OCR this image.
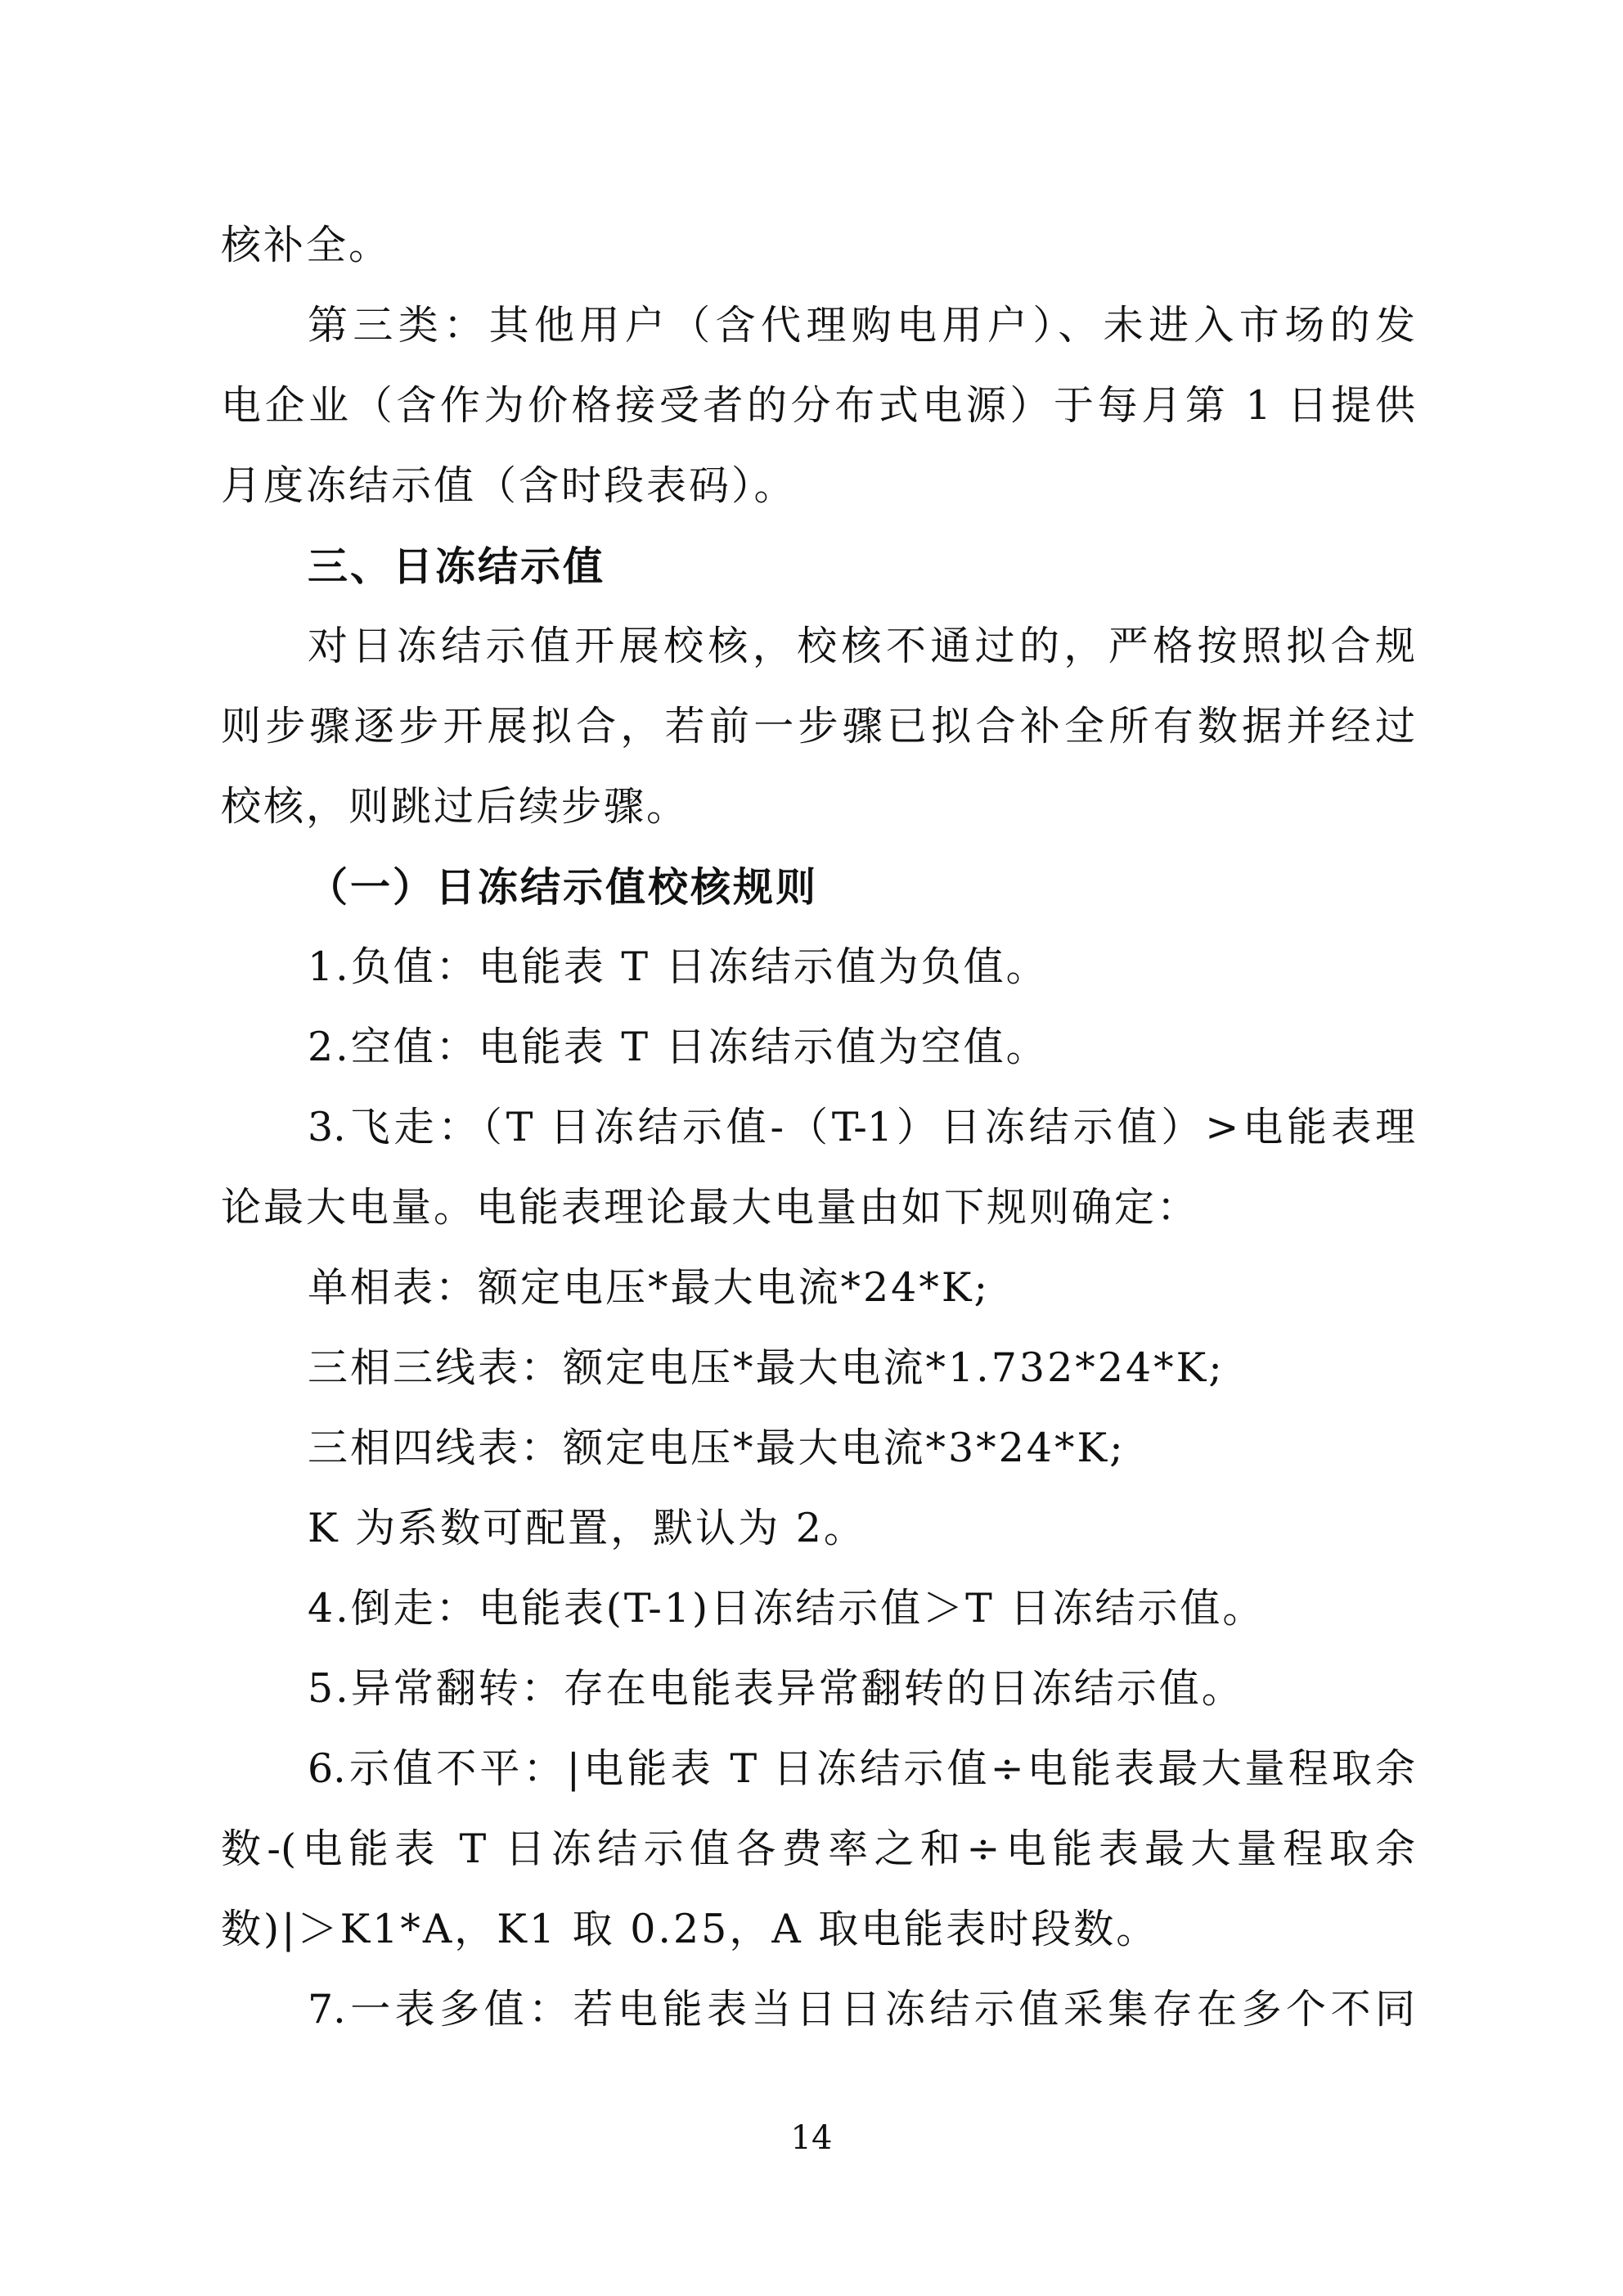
核补全。
第三类：其他用户（含代理购电用户）、未进入市场的发
电企业（含作为价格接受者的分布式电源）于每月第 1 日提供
月度冻结示值（含时段表码）。
三、日冻结示值
对日冻结示值开展校核，校核不通过的，严格按照拟合规
则步骤逐步开展拟合，若前一步骤已拟合补全所有数据并经过
校核，则跳过后续步骤。
（一）日冻结示值校核规则
1.负值：电能表 T 日冻结示值为负值。
2.空值：电能表 T 日冻结示值为空值。
3.飞走：（T 日冻结示值-（T-1）日冻结示值）>电能表理
论最大电量。电能表理论最大电量由如下规则确定：
单相表：额定电压*最大电流*24*K;
三相三线表：额定电压*最大电流*1.732*24*K;
三相四线表：额定电压*最大电流*3*24*K;
K 为系数可配置，默认为 2。
4.倒走：电能表(T-1)日冻结示值＞T 日冻结示值。
5.异常翻转：存在电能表异常翻转的日冻结示值。
6.示值不平：|电能表 T 日冻结示值÷电能表最大量程取余
数-(电能表 T 日冻结示值各费率之和÷电能表最大量程取余
数)|＞K1*A，K1 取 0.25，A 取电能表时段数。
7.一表多值：若电能表当日日冻结示值采集存在多个不同
14
